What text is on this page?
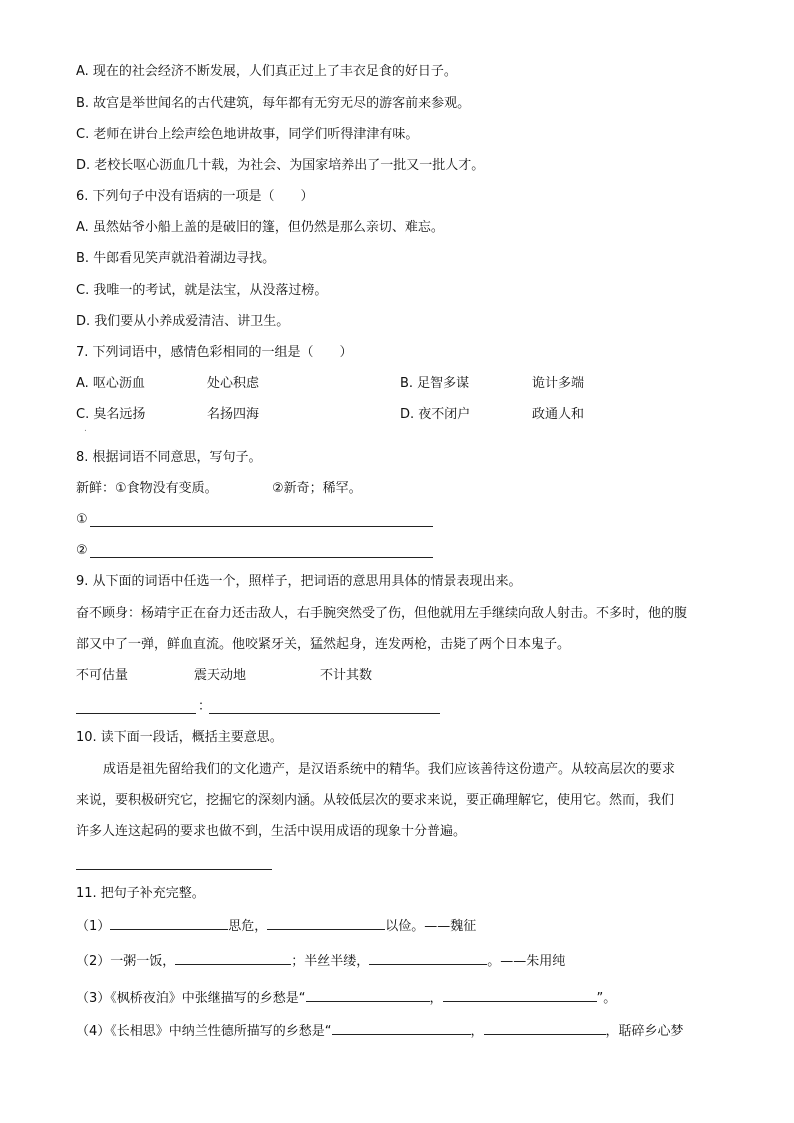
A. 现在的社会经济不断发展，人们真正过上了丰衣足食的好日子。
B. 故宫是举世闻名的古代建筑，每年都有无穷无尽的游客前来参观。
C. 老师在讲台上绘声绘色地讲故事，同学们听得津津有味。
D. 老校长呕心沥血几十载，为社会、为国家培养出了一批又一批人才。
6. 下列句子中没有语病的一项是（　　）
A. 虽然姑爷小船上盖的是破旧的篷，但仍然是那么亲切、难忘。
B. 牛郎看见笑声就沿着湖边寻找。
C. 我唯一的考试，就是法宝，从没落过榜。
D. 我们要从小养成爱清洁、讲卫生。
7. 下列词语中，感情色彩相同的一组是（　　）
A. 呕心沥血	处心积虑	B. 足智多谋	诡计多端
C. 臭名远扬	名扬四海	D. 夜不闭户	政通人和
.
8. 根据词语不同意思，写句子。
新鲜：①食物没有变质。	②新奇；稀罕。
①
②
9. 从下面的词语中任选一个，照样子，把词语的意思用具体的情景表现出来。
奋不顾身：杨靖宇正在奋力还击敌人，右手腕突然受了伤，但他就用左手继续向敌人射击。不多时，他的腹
部又中了一弹，鲜血直流。他咬紧牙关，猛然起身，连发两枪，击毙了两个日本鬼子。
不可估量	震天动地	不计其数
：
10. 读下面一段话，概括主要意思。
成语是祖先留给我们的文化遗产，是汉语系统中的精华。我们应该善待这份遗产。从较高层次的要求
来说，要积极研究它，挖掘它的深刻内涵。从较低层次的要求来说，要正确理解它，使用它。然而，我们
许多人连这起码的要求也做不到，生活中误用成语的现象十分普遍。
11. 把句子补充完整。
（1）	思危，	以俭。——魏征
（2）一粥一饭，	；半丝半缕，	。——朱用纯
（3）《枫桥夜泊》中张继描写的乡愁是“	，	”。
（4）《长相思》中纳兰性德所描写的乡愁是“	，	，聒碎乡心梦
